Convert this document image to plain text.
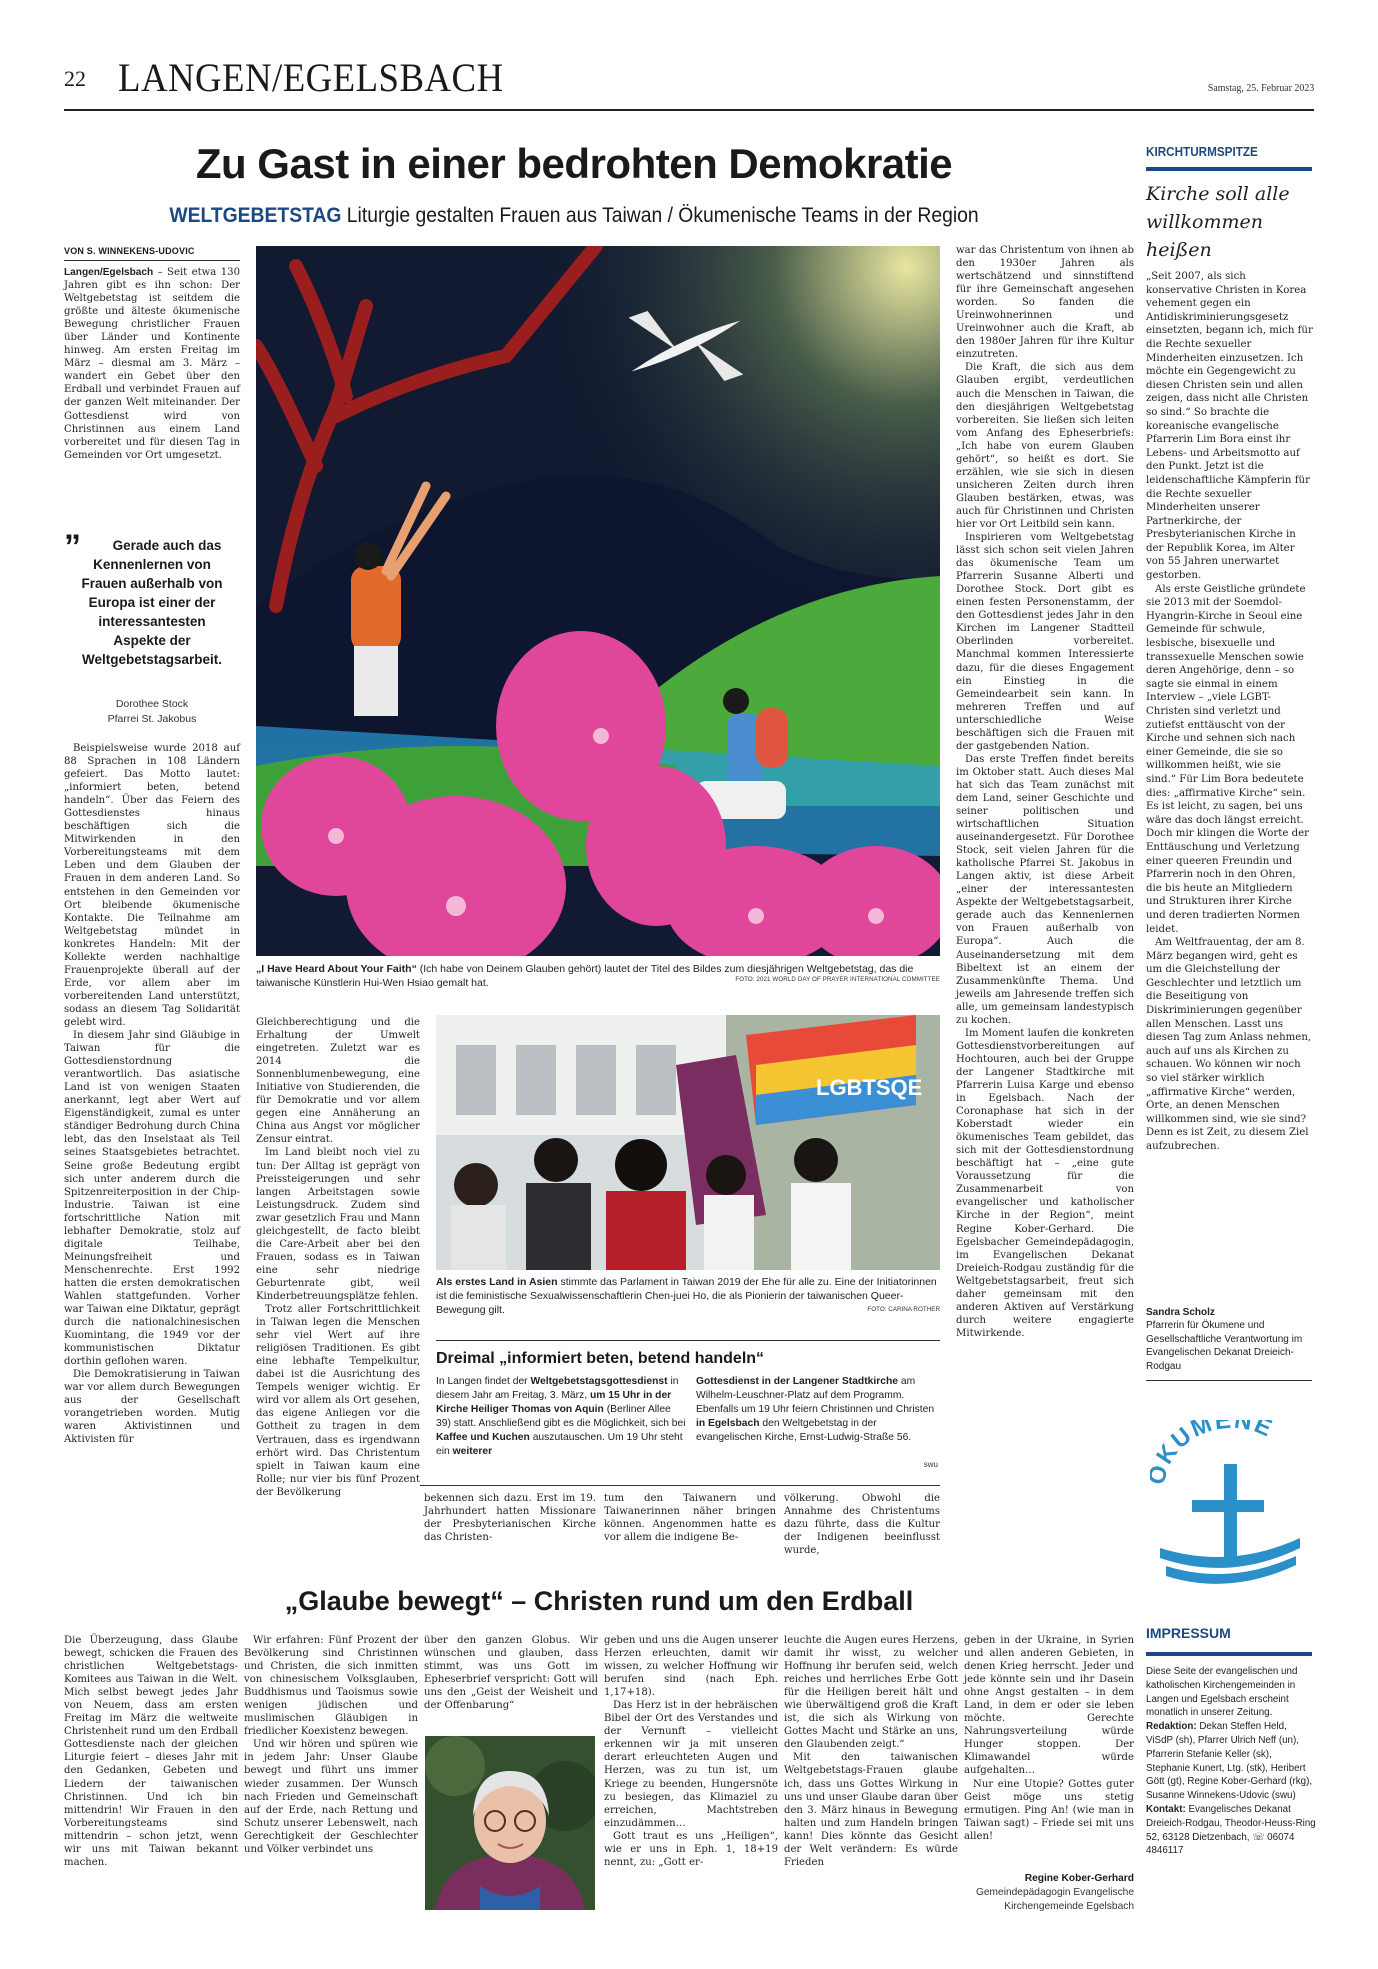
22 LANGEN/EGELSBACH	Samstag, 25. Februar 2023
Zu Gast in einer bedrohten Demokratie
WELTGEBETSTAG Liturgie gestalten Frauen aus Taiwan / Ökumenische Teams in der Region
VON S. WINNEKENS-UDOVIC

Langen/Egelsbach – Seit etwa 130 Jahren gibt es ihn schon: Der Weltgebetstag ist seitdem die größte und älteste ökumenische Bewegung christlicher Frauen über Länder und Kontinente hinweg. Am ersten Freitag im März – diesmal am 3. März – wandert ein Gebet über den Erdball und verbindet Frauen auf der ganzen Welt miteinander. Der Gottesdienst wird von Christinnen aus einem Land vorbereitet und für diesen Tag in Gemeinden vor Ort umgesetzt.

”	Gerade auch das
Kennenlernen von
Frauen außerhalb von
Europa ist einer der
interessantesten
Aspekte der
Weltgebetstagsarbeit.
Dorothee Stock
Pfarrei St. Jakobus

Beispielsweise wurde 2018 auf 88 Sprachen in 108 Ländern gefeiert. Das Motto lautet: „informiert beten, betend handeln“. Über das Feiern des Gottesdienstes hinaus beschäftigen sich die Mitwirkenden in den Vorbereitungsteams mit dem Leben und dem Glauben der Frauen in dem anderen Land. So entstehen in den Gemeinden vor Ort bleibende ökumenische Kontakte. Die Teilnahme am Weltgebetstag mündet in konkretes Handeln: Mit der Kollekte werden nachhaltige Frauenprojekte überall auf der Erde, vor allem aber im vorbereitenden Land unterstützt, sodass an diesem Tag Solidarität gelebt wird.

In diesem Jahr sind Gläubige in Taiwan für die Gottesdienstordnung verantwortlich. Das asiatische Land ist von wenigen Staaten anerkannt, legt aber Wert auf Eigenständigkeit, zumal es unter ständiger Bedrohung durch China lebt, das den Inselstaat als Teil seines Staatsgebietes betrachtet. Seine große Bedeutung ergibt sich unter anderem durch die Spitzenreiterposition in der Chip-Industrie. Taiwan ist eine fortschrittliche Nation mit lebhafter Demokratie, stolz auf digitale Teilhabe, Meinungsfreiheit und Menschenrechte. Erst 1992 hatten die ersten demokratischen Wahlen stattgefunden. Vorher war Taiwan eine Diktatur, geprägt durch die nationalchinesischen Kuomintang, die 1949 vor der kommunistischen Diktatur dorthin geflohen waren.

Die Demokratisierung in Taiwan war vor allem durch Bewegungen aus der Gesellschaft vorangetrieben worden. Mutig waren Aktivistinnen und Aktivisten für

„I Have Heard About Your Faith“ (Ich habe von Deinem Glauben gehört) lautet der Titel des Bildes zum diesjährigen Weltgebetstag, das die taiwanische Künstlerin Hui-Wen Hsiao gemalt hat.	FOTO: 2021 WORLD DAY OF PRAYER INTERNATIONAL COMMITTEE

Gleichberechtigung und die Erhaltung der Umwelt eingetreten. Zuletzt war es 2014 die Sonnenblumenbewegung, eine Initiative von Studierenden, die für Demokratie und vor allem gegen eine Annäherung an China aus Angst vor möglicher Zensur eintrat.

Im Land bleibt noch viel zu tun: Der Alltag ist geprägt von Preissteigerungen und sehr langen Arbeitstagen sowie Leistungsdruck. Zudem sind zwar gesetzlich Frau und Mann gleichgestellt, de facto bleibt die Care-Arbeit aber bei den Frauen, sodass es in Taiwan eine sehr niedrige Geburtenrate gibt, weil Kinderbetreuungsplätze fehlen.

Trotz aller Fortschrittlichkeit in Taiwan legen die Menschen sehr viel Wert auf ihre religiösen Traditionen. Es gibt eine lebhafte Tempelkultur, dabei ist die Ausrichtung des Tempels weniger wichtig. Er wird vor allem als Ort gesehen, das eigene Anliegen vor die Gottheit zu tragen in dem Vertrauen, dass es irgendwann erhört wird. Das Christentum spielt in Taiwan kaum eine Rolle; nur vier bis fünf Prozent der Bevölkerung

LGBTSQE
Als erstes Land in Asien stimmte das Parlament in Taiwan 2019 der Ehe für alle zu. Eine der Initiatorinnen ist die feministische Sexualwissenschaftlerin Chen-juei Ho, die als Pionierin der taiwanischen Queer-Bewegung gilt.	FOTO: CARINA ROTHER
Dreimal „informiert beten, betend handeln“
In Langen findet der Weltgebetstagsgottesdienst in diesem Jahr am Freitag, 3. März, um 15 Uhr in der Kirche Heiliger Thomas von Aquin (Berliner Allee 39) statt. Anschließend gibt es die Möglichkeit, sich bei Kaffee und Kuchen auszutauschen. Um 19 Uhr steht ein weiterer
Gottesdienst in der Langener Stadtkirche am Wilhelm-Leuschner-Platz auf dem Programm. Ebenfalls um 19 Uhr feiern Christinnen und Christen in Egelsbach den Weltgebetstag in der evangelischen Kirche, Ernst-Ludwig-Straße 56.
swu
bekennen sich dazu. Erst im 19. Jahrhundert hatten Missionare der Presbyterianischen Kirche das Christen-
tum den Taiwanern und Taiwanerinnen näher bringen können. Angenommen hatte es vor allem die indigene Be-
völkerung. Obwohl die Annahme des Christentums dazu führte, dass die Kultur der Indigenen beeinflusst wurde,

war das Christentum von ihnen ab den 1930er Jahren als wertschätzend und sinnstiftend für ihre Gemeinschaft angesehen worden. So fanden die Ureinwohnerinnen und Ureinwohner auch die Kraft, ab den 1980er Jahren für ihre Kultur einzutreten.

Die Kraft, die sich aus dem Glauben ergibt, verdeutlichen auch die Menschen in Taiwan, die den diesjährigen Weltgebetstag vorbereiten. Sie ließen sich leiten vom Anfang des Epheserbriefs: „Ich habe von eurem Glauben gehört“, so heißt es dort. Sie erzählen, wie sie sich in diesen unsicheren Zeiten durch ihren Glauben bestärken, etwas, was auch für Christinnen und Christen hier vor Ort Leitbild sein kann.

Inspirieren vom Weltgebetstag lässt sich schon seit vielen Jahren das ökumenische Team um Pfarrerin Susanne Alberti und Dorothee Stock. Dort gibt es einen festen Personenstamm, der den Gottesdienst jedes Jahr in den Kirchen im Langener Stadtteil Oberlinden vorbereitet. Manchmal kommen Interessierte dazu, für die dieses Engagement ein Einstieg in die Gemeindearbeit sein kann. In mehreren Treffen und auf unterschiedliche Weise beschäftigen sich die Frauen mit der gastgebenden Nation.

Das erste Treffen findet bereits im Oktober statt. Auch dieses Mal hat sich das Team zunächst mit dem Land, seiner Geschichte und seiner politischen und wirtschaftlichen Situation auseinandergesetzt. Für Dorothee Stock, seit vielen Jahren für die katholische Pfarrei St. Jakobus in Langen aktiv, ist diese Arbeit „einer der interessantesten Aspekte der Weltgebetstagsarbeit, gerade auch das Kennenlernen von Frauen außerhalb von Europa“. Auch die Auseinandersetzung mit dem Bibeltext ist an einem der Zusammenkünfte Thema. Und jeweils am Jahresende treffen sich alle, um gemeinsam landestypisch zu kochen.

Im Moment laufen die konkreten Gottesdienstvorbereitungen auf Hochtouren, auch bei der Gruppe der Langener Stadtkirche mit Pfarrerin Luisa Karge und ebenso in Egelsbach. Nach der Coronaphase hat sich in der Koberstadt wieder ein ökumenisches Team gebildet, das sich mit der Gottesdienstordnung beschäftigt hat – „eine gute Voraussetzung für die Zusammenarbeit von evangelischer und katholischer Kirche in der Region“, meint Regine Kober-Gerhard. Die Egelsbacher Gemeindepädagogin, im Evangelischen Dekanat Dreieich-Rodgau zuständig für die Weltgebetstagsarbeit, freut sich daher gemeinsam mit den anderen Aktiven auf Verstärkung durch weitere engagierte Mitwirkende.

KIRCHTURMSPITZE
Kirche soll alle willkommen heißen

„Seit 2007, als sich konservative Christen in Korea vehement gegen ein Antidiskriminierungsgesetz einsetzten, begann ich, mich für die Rechte sexueller Minderheiten einzusetzen. Ich möchte ein Gegengewicht zu diesen Christen sein und allen zeigen, dass nicht alle Christen so sind.“ So brachte die koreanische evangelische Pfarrerin Lim Bora einst ihr Lebens- und Arbeitsmotto auf den Punkt. Jetzt ist die leidenschaftliche Kämpferin für die Rechte sexueller Minderheiten unserer Partnerkirche, der Presbyterianischen Kirche in der Republik Korea, im Alter von 55 Jahren unerwartet gestorben.

Als erste Geistliche gründete sie 2013 mit der Soemdol-Hyangrin-Kirche in Seoul eine Gemeinde für schwule, lesbische, bisexuelle und transsexuelle Menschen sowie deren Angehörige, denn – so sagte sie einmal in einem Interview – „viele LGBT-Christen sind verletzt und zutiefst enttäuscht von der Kirche und sehnen sich nach einer Gemeinde, die sie so willkommen heißt, wie sie sind.“ Für Lim Bora bedeutete dies: „affirmative Kirche“ sein. Es ist leicht, zu sagen, bei uns wäre das doch längst erreicht. Doch mir klingen die Worte der Enttäuschung und Verletzung einer queeren Freundin und Pfarrerin noch in den Ohren, die bis heute an Mitgliedern und Strukturen ihrer Kirche und deren tradierten Normen leidet.

Am Weltfrauentag, der am 8. März begangen wird, geht es um die Gleichstellung der Geschlechter und letztlich um die Beseitigung von Diskriminierungen gegenüber allen Menschen. Lasst uns diesen Tag zum Anlass nehmen, auch auf uns als Kirchen zu schauen. Wo können wir noch so viel stärker wirklich „affirmative Kirche“ werden, Orte, an denen Menschen willkommen sind, wie sie sind? Denn es ist Zeit, zu diesem Ziel aufzubrechen.

Sandra Scholz
Pfarrerin für Ökumene und Gesellschaftliche Verantwortung im Evangelischen Dekanat Dreieich-Rodgau
KUMENE
IMPRESSUM
Diese Seite der evangelischen und katholischen Kirchengemeinden in Langen und Egelsbach erscheint monatlich in unserer Zeitung.
Redaktion: Dekan Steffen Held, ViSdP (sh), Pfarrer Ulrich Neff (un), Pfarrerin Stefanie Keller (sk), Stephanie Kunert, Ltg. (stk), Heribert Gött (gt), Regine Kober-Gerhard (rkg), Susanne Winnekens-Udovic (swu)
Kontakt: Evangelisches Dekanat Dreieich-Rodgau, Theodor-Heuss-Ring 52, 63128 Dietzenbach, ☏ 06074 4846117
„Glaube bewegt“ – Christen rund um den Erdball

Die Überzeugung, dass Glaube bewegt, schicken die Frauen des christlichen Weltgebetstags-Komitees aus Taiwan in die Welt. Mich selbst bewegt jedes Jahr von Neuem, dass am ersten Freitag im März die weltweite Christenheit rund um den Erdball Gottesdienste nach der gleichen Liturgie feiert – dieses Jahr mit den Gedanken, Gebeten und Liedern der taiwanischen Christinnen. Und ich bin mittendrin! Wir Frauen in den Vorbereitungsteams sind mittendrin – schon jetzt, wenn wir uns mit Taiwan bekannt machen.

Wir erfahren: Fünf Prozent der Bevölkerung sind Christinnen und Christen, die sich inmitten von chinesischem Volksglauben, Buddhismus und Taoismus sowie wenigen jüdischen und muslimischen Gläubigen in friedlicher Koexistenz bewegen.

Und wir hören und spüren wie in jedem Jahr: Unser Glaube bewegt und führt uns immer wieder zusammen. Der Wunsch nach Frieden und Gemeinschaft auf der Erde, nach Rettung und Schutz unserer Lebenswelt, nach Gerechtigkeit der Geschlechter und Völker verbindet uns

über den ganzen Globus. Wir wünschen und glauben, dass stimmt, was uns Gott im Epheserbrief verspricht: Gott will uns den „Geist der Weisheit und der Offenbarung“

geben und uns die Augen unserer Herzen erleuchten, damit wir wissen, zu welcher Hoffnung wir berufen sind (nach Eph. 1,17+18).

Das Herz ist in der hebräischen Bibel der Ort des Verstandes und der Vernunft – vielleicht erkennen wir ja mit unseren derart erleuchteten Augen und Herzen, was zu tun ist, um Kriege zu beenden, Hungersnöte zu besiegen, das Klimaziel zu erreichen, Machtstreben einzudämmen…

Gott traut es uns „Heiligen“, wie er uns in Eph. 1, 18+19 nennt, zu: „Gott er-

leuchte die Augen eures Herzens, damit ihr wisst, zu welcher Hoffnung ihr berufen seid, welch reiches und herrliches Erbe Gott für die Heiligen bereit hält und wie überwältigend groß die Kraft ist, die sich als Wirkung von Gottes Macht und Stärke an uns, den Glaubenden zeigt.“

Mit den taiwanischen Weltgebetstags-Frauen glaube ich, dass uns Gottes Wirkung in uns und unser Glaube daran über den 3. März hinaus in Bewegung halten und zum Handeln bringen kann! Dies könnte das Gesicht der Welt verändern: Es würde Frieden

geben in der Ukraine, in Syrien und allen anderen Gebieten, in denen Krieg herrscht. Jeder und jede könnte sein und ihr Dasein ohne Angst gestalten – in dem Land, in dem er oder sie leben möchte. Gerechte Nahrungsverteilung würde Hunger stoppen. Der Klimawandel würde aufgehalten…

Nur eine Utopie? Gottes guter Geist möge uns stetig ermutigen. Ping An! (wie man in Taiwan sagt) – Friede sei mit uns allen!

Regine Kober-Gerhard
Gemeindepädagogin Evangelische Kirchengemeinde Egelsbach
